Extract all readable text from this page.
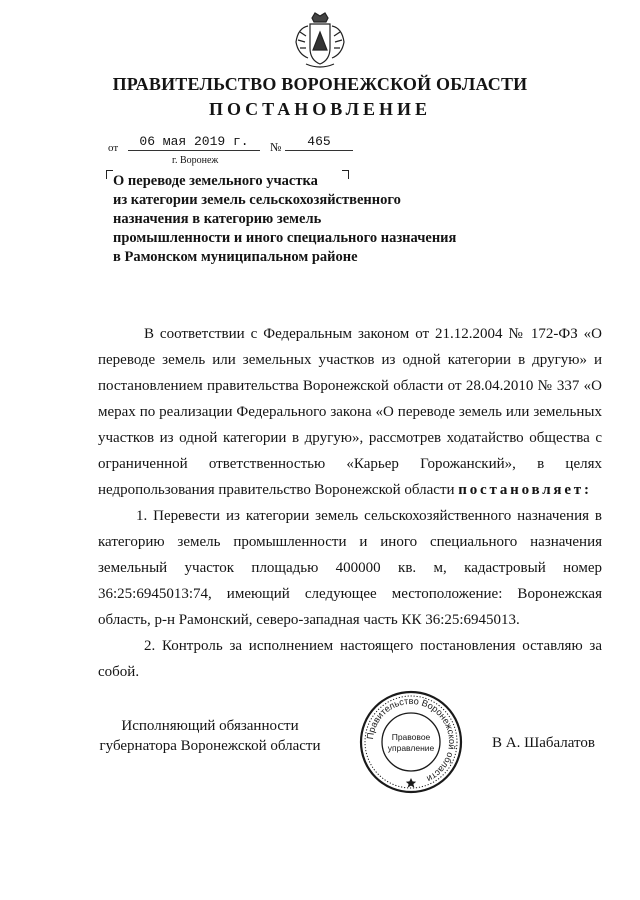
ПРАВИТЕЛЬСТВО ВОРОНЕЖСКОЙ ОБЛАСТИ
ПОСТАНОВЛЕНИЕ
от	06 мая 2019 г.	№	465
г. Воронеж
О переводе земельного участка
из категории земель сельскохозяйственного
назначения в категорию земель
промышленности и иного специального назначения
в Рамонском муниципальном районе

В соответствии с Федеральным законом от 21.12.2004 № 172-ФЗ «О переводе земель или земельных участков из одной категории в другую» и постановлением правительства Воронежской области от 28.04.2010 № 337 «О мерах по реализации Федерального закона «О переводе земель или земельных участков из одной категории в другую», рассмотрев ходатайство общества с ограниченной ответственностью «Карьер Горожанский», в целях недропользования правительство Воронежской области постановляет:

1. Перевести из категории земель сельскохозяйственного назначения в категорию земель промышленности и иного специального назначения земельный участок площадью 400000 кв. м, кадастровый номер 36:25:6945013:74, имеющий следующее местоположение: Воронежская область, р-н Рамонский, северо-западная часть КК 36:25:6945013.

2. Контроль за исполнением настоящего постановления оставляю за собой.

Исполняющий обязанности
губернатора Воронежской области	В А. Шабалатов
Правительство Воронежской области
Правовое
управление
